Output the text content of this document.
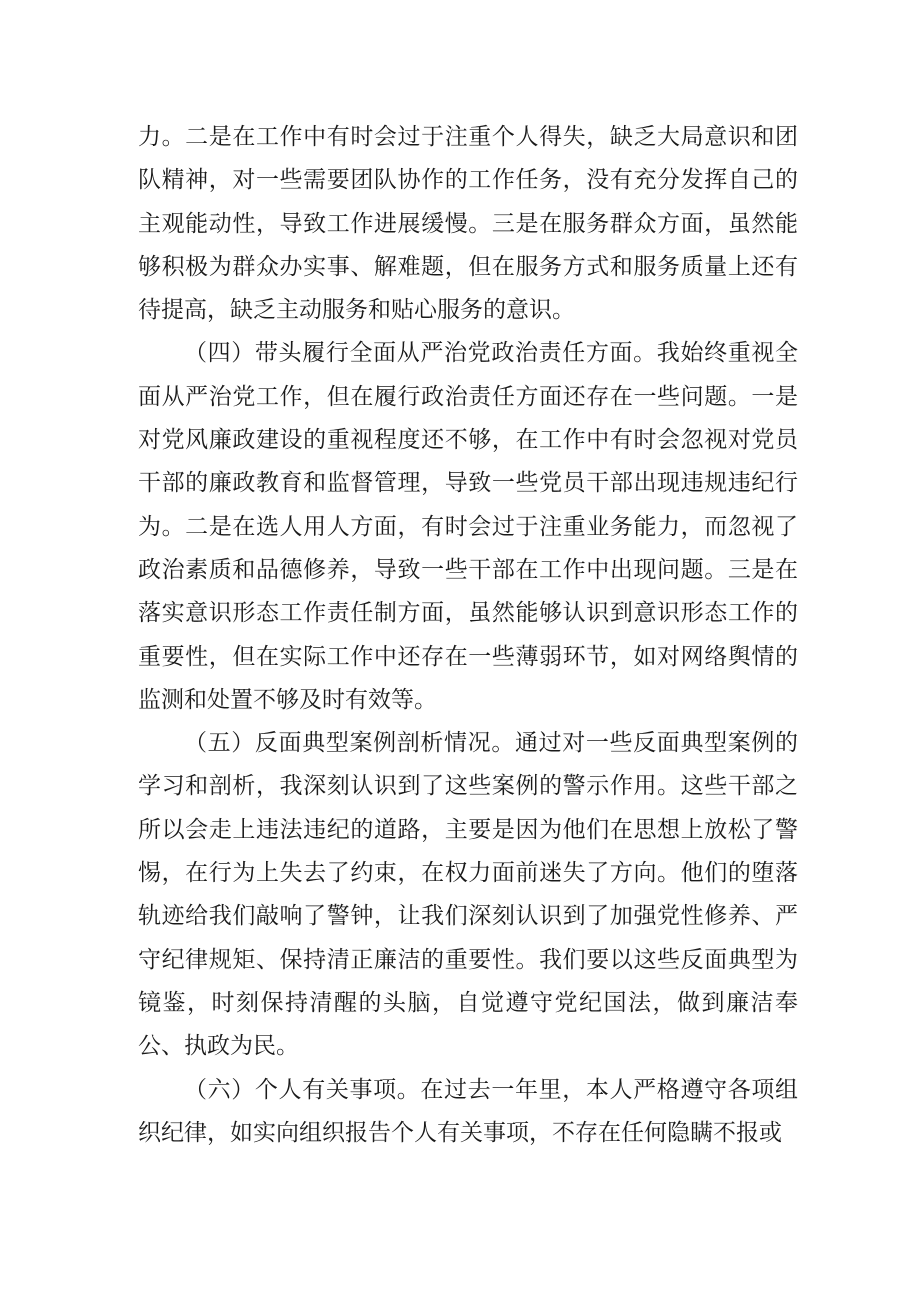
力。二是在工作中有时会过于注重个人得失，缺乏大局意识和团队精神，对一些需要团队协作的工作任务，没有充分发挥自己的主观能动性，导致工作进展缓慢。三是在服务群众方面，虽然能够积极为群众办实事、解难题，但在服务方式和服务质量上还有待提高，缺乏主动服务和贴心服务的意识。

（四）带头履行全面从严治党政治责任方面。我始终重视全面从严治党工作，但在履行政治责任方面还存在一些问题。一是对党风廉政建设的重视程度还不够，在工作中有时会忽视对党员干部的廉政教育和监督管理，导致一些党员干部出现违规违纪行为。二是在选人用人方面，有时会过于注重业务能力，而忽视了政治素质和品德修养，导致一些干部在工作中出现问题。三是在落实意识形态工作责任制方面，虽然能够认识到意识形态工作的重要性，但在实际工作中还存在一些薄弱环节，如对网络舆情的监测和处置不够及时有效等。

（五）反面典型案例剖析情况。通过对一些反面典型案例的学习和剖析，我深刻认识到了这些案例的警示作用。这些干部之所以会走上违法违纪的道路，主要是因为他们在思想上放松了警惕，在行为上失去了约束，在权力面前迷失了方向。他们的堕落轨迹给我们敲响了警钟，让我们深刻认识到了加强党性修养、严守纪律规矩、保持清正廉洁的重要性。我们要以这些反面典型为镜鉴，时刻保持清醒的头脑，自觉遵守党纪国法，做到廉洁奉公、执政为民。

（六）个人有关事项。在过去一年里，本人严格遵守各项组织纪律，如实向组织报告个人有关事项，不存在任何隐瞒不报或
